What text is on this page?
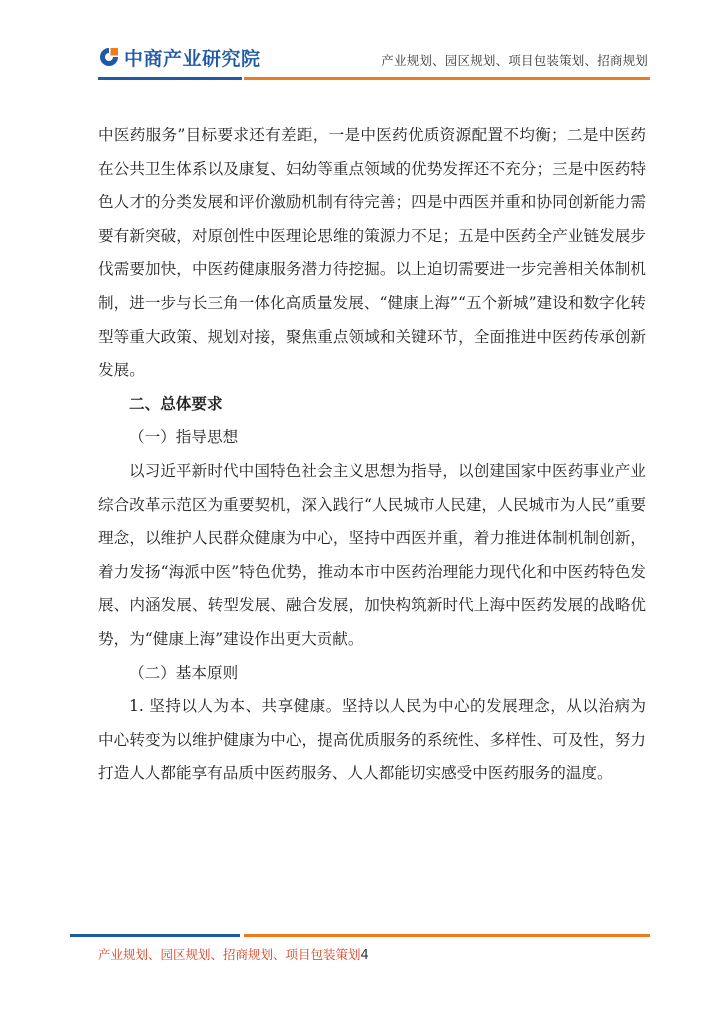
中商产业研究院	产业规划、园区规划、项目包装策划、招商规划

中医药服务”目标要求还有差距，一是中医药优质资源配置不均衡；二是中医药在公共卫生体系以及康复、妇幼等重点领域的优势发挥还不充分；三是中医药特色人才的分类发展和评价激励机制有待完善；四是中西医并重和协同创新能力需要有新突破，对原创性中医理论思维的策源力不足；五是中医药全产业链发展步伐需要加快，中医药健康服务潜力待挖掘。以上迫切需要进一步完善相关体制机制，进一步与长三角一体化高质量发展、“健康上海”“五个新城”建设和数字化转型等重大政策、规划对接，聚焦重点领域和关键环节，全面推进中医药传承创新发展。

二、总体要求

（一）指导思想

以习近平新时代中国特色社会主义思想为指导，以创建国家中医药事业产业综合改革示范区为重要契机，深入践行“人民城市人民建，人民城市为人民”重要理念，以维护人民群众健康为中心，坚持中西医并重，着力推进体制机制创新，着力发扬“海派中医”特色优势，推动本市中医药治理能力现代化和中医药特色发展、内涵发展、转型发展、融合发展，加快构筑新时代上海中医药发展的战略优势，为“健康上海”建设作出更大贡献。

（二）基本原则

1. 坚持以人为本、共享健康。坚持以人民为中心的发展理念，从以治病为中心转变为以维护健康为中心，提高优质服务的系统性、多样性、可及性，努力打造人人都能享有品质中医药服务、人人都能切实感受中医药服务的温度。

产业规划、园区规划、招商规划、项目包装策划4
